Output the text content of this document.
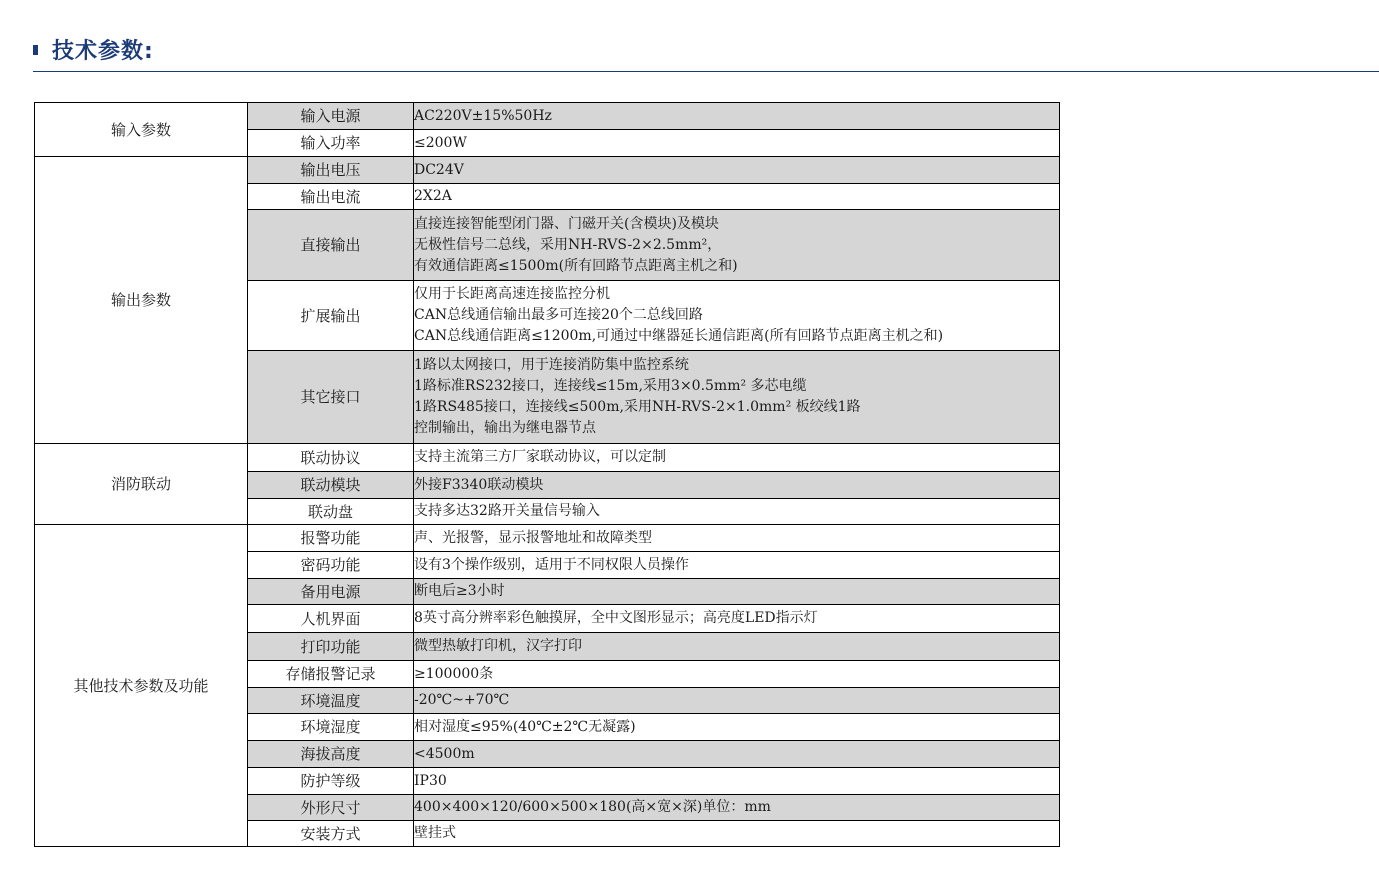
技术参数:
输入参数	输入电源	AC220V±15%50Hz

	输入功率	≤200W

输出参数	输出电压	DC24V

	输出电流	2X2A

	直接输出	直接连接智能型闭门器、门磁开关(含模块)及模块
无极性信号二总线，采用NH-RVS-2×2.5mm²，
有效通信距离≤1500m(所有回路节点距离主机之和)

	扩展输出	仅用于长距离高速连接监控分机
CAN总线通信输出最多可连接20个二总线回路
CAN总线通信距离≤1200m,可通过中继器延长通信距离(所有回路节点距离主机之和)

	其它接口	1路以太网接口，用于连接消防集中监控系统
1路标准RS232接口，连接线≤15m,采用3×0.5mm² 多芯电缆
1路RS485接口，连接线≤500m,采用NH-RVS-2×1.0mm² 板绞线1路
控制输出，输出为继电器节点

消防联动	联动协议	支持主流第三方厂家联动协议，可以定制

	联动模块	外接F3340联动模块

	联动盘	支持多达32路开关量信号输入

其他技术参数及功能	报警功能	声、光报警，显示报警地址和故障类型

	密码功能	设有3个操作级别，适用于不同权限人员操作

	备用电源	断电后≥3小时

	人机界面	8英寸高分辨率彩色触摸屏，全中文图形显示；高亮度LED指示灯

	打印功能	微型热敏打印机，汉字打印

	存储报警记录	≥100000条

	环境温度	-20℃~+70℃

	环境湿度	相对湿度≤95%(40℃±2℃无凝露)

	海拔高度	<4500m

	防护等级	IP30

	外形尺寸	400×400×120/600×500×180(高×宽×深)单位：mm

	安装方式	壁挂式
